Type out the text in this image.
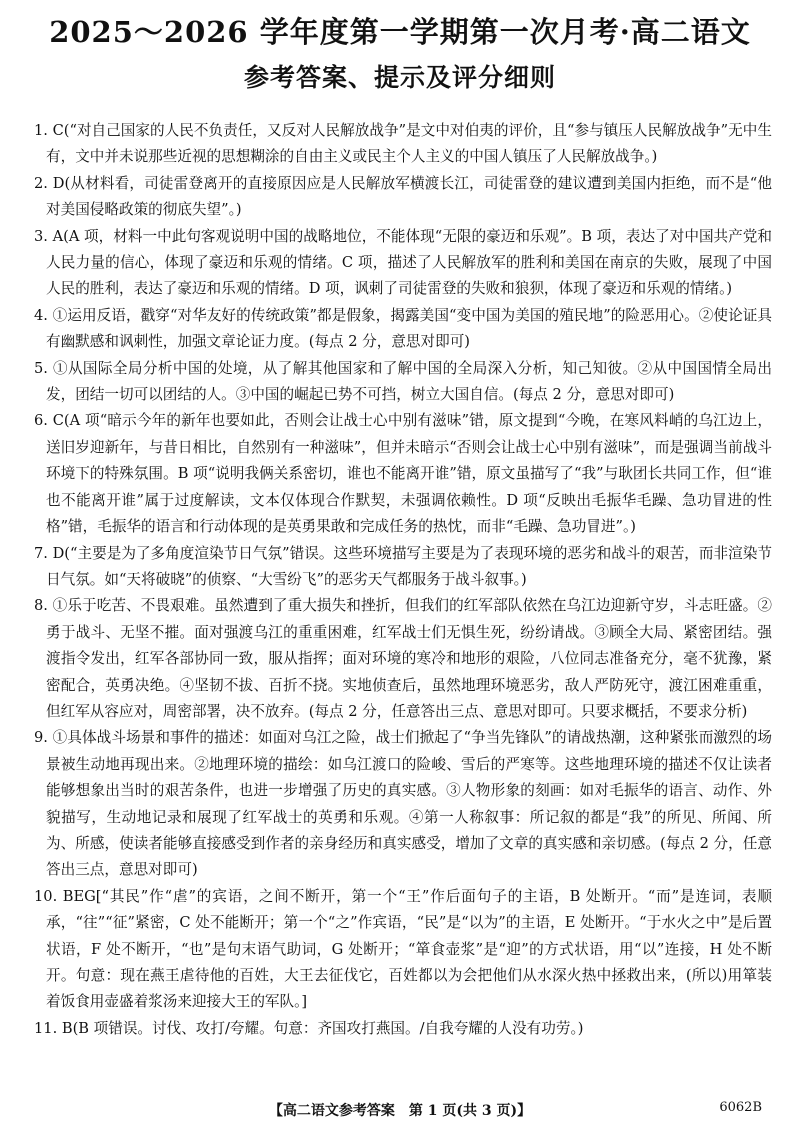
2025～2026 学年度第一学期第一次月考·高二语文
参考答案、提示及评分细则

1. C(“对自己国家的人民不负责任，又反对人民解放战争”是文中对伯夷的评价，且“参与镇压人民解放战争”无中生有，文中并未说那些近视的思想糊涂的自由主义或民主个人主义的中国人镇压了人民解放战争。)

2. D(从材料看，司徒雷登离开的直接原因应是人民解放军横渡长江，司徒雷登的建议遭到美国内拒绝，而不是“他对美国侵略政策的彻底失望”。)

3. A(A 项，材料一中此句客观说明中国的战略地位，不能体现“无限的豪迈和乐观”。B 项，表达了对中国共产党和人民力量的信心，体现了豪迈和乐观的情绪。C 项，描述了人民解放军的胜利和美国在南京的失败，展现了中国人民的胜利，表达了豪迈和乐观的情绪。D 项，讽刺了司徒雷登的失败和狼狈，体现了豪迈和乐观的情绪。)

4. ①运用反语，戳穿“对华友好的传统政策”都是假象，揭露美国“变中国为美国的殖民地”的险恶用心。②使论证具有幽默感和讽刺性，加强文章论证力度。(每点 2 分，意思对即可)

5. ①从国际全局分析中国的处境，从了解其他国家和了解中国的全局深入分析，知己知彼。②从中国国情全局出发，团结一切可以团结的人。③中国的崛起已势不可挡，树立大国自信。(每点 2 分，意思对即可)

6. C(A 项“暗示今年的新年也要如此，否则会让战士心中别有滋味”错，原文提到“今晚，在寒风料峭的乌江边上，送旧岁迎新年，与昔日相比，自然别有一种滋味”，但并未暗示“否则会让战士心中别有滋味”，而是强调当前战斗环境下的特殊氛围。B 项“说明我俩关系密切，谁也不能离开谁”错，原文虽描写了“我”与耿团长共同工作，但“谁也不能离开谁”属于过度解读，文本仅体现合作默契，未强调依赖性。D 项“反映出毛振华毛躁、急功冒进的性格”错，毛振华的语言和行动体现的是英勇果敢和完成任务的热忱，而非“毛躁、急功冒进”。)

7. D(“主要是为了多角度渲染节日气氛”错误。这些环境描写主要是为了表现环境的恶劣和战斗的艰苦，而非渲染节日气氛。如“天将破晓”的侦察、“大雪纷飞”的恶劣天气都服务于战斗叙事。)

8. ①乐于吃苦、不畏艰难。虽然遭到了重大损失和挫折，但我们的红军部队依然在乌江边迎新守岁，斗志旺盛。②勇于战斗、无坚不摧。面对强渡乌江的重重困难，红军战士们无惧生死，纷纷请战。③顾全大局、紧密团结。强渡指令发出，红军各部协同一致，服从指挥；面对环境的寒冷和地形的艰险，八位同志准备充分，毫不犹豫，紧密配合，英勇决绝。④坚韧不拔、百折不挠。实地侦查后，虽然地理环境恶劣，敌人严防死守，渡江困难重重，但红军从容应对，周密部署，决不放弃。(每点 2 分，任意答出三点、意思对即可。只要求概括，不要求分析)

9. ①具体战斗场景和事件的描述：如面对乌江之险，战士们掀起了“争当先锋队”的请战热潮，这种紧张而激烈的场景被生动地再现出来。②地理环境的描绘：如乌江渡口的险峻、雪后的严寒等。这些地理环境的描述不仅让读者能够想象出当时的艰苦条件，也进一步增强了历史的真实感。③人物形象的刻画：如对毛振华的语言、动作、外貌描写，生动地记录和展现了红军战士的英勇和乐观。④第一人称叙事：所记叙的都是“我”的所见、所闻、所为、所感，使读者能够直接感受到作者的亲身经历和真实感受，增加了文章的真实感和亲切感。(每点 2 分，任意答出三点，意思对即可)

10. BEG[“其民”作“虐”的宾语，之间不断开，第一个“王”作后面句子的主语，B 处断开。“而”是连词，表顺承，“往”“征”紧密，C 处不能断开；第一个“之”作宾语，“民”是“以为”的主语，E 处断开。“于水火之中”是后置状语，F 处不断开，“也”是句末语气助词，G 处断开；“箪食壶浆”是“迎”的方式状语，用“以”连接，H 处不断开。句意：现在燕王虐待他的百姓，大王去征伐它，百姓都以为会把他们从水深火热中拯救出来，(所以)用箪装着饭食用壶盛着浆汤来迎接大王的军队。]

11. B(B 项错误。讨伐、攻打/夸耀。句意：齐国攻打燕国。/自我夸耀的人没有功劳。)

【高二语文参考答案　第 1 页(共 3 页)】	6062B
